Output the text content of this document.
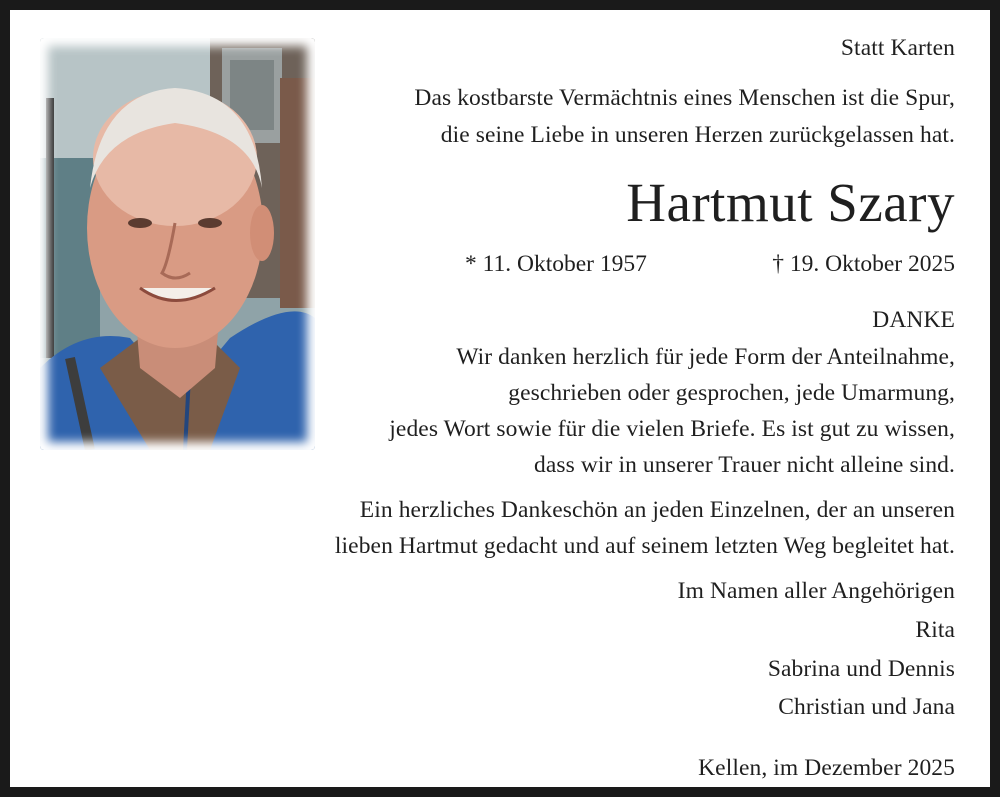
Statt Karten
Das kostbarste Vermächtnis eines Menschen ist die Spur,
die seine Liebe in unseren Herzen zurückgelassen hat.
Hartmut Szary
* 11. Oktober 1957	† 19. Oktober 2025
DANKE
Wir danken herzlich für jede Form der Anteilnahme,
geschrieben oder gesprochen, jede Umarmung,
jedes Wort sowie für die vielen Briefe. Es ist gut zu wissen,
dass wir in unserer Trauer nicht alleine sind.
Ein herzliches Dankeschön an jeden Einzelnen, der an unseren
lieben Hartmut gedacht und auf seinem letzten Weg begleitet hat.
Im Namen aller Angehörigen
Rita
Sabrina und Dennis
Christian und Jana
Kellen, im Dezember 2025
